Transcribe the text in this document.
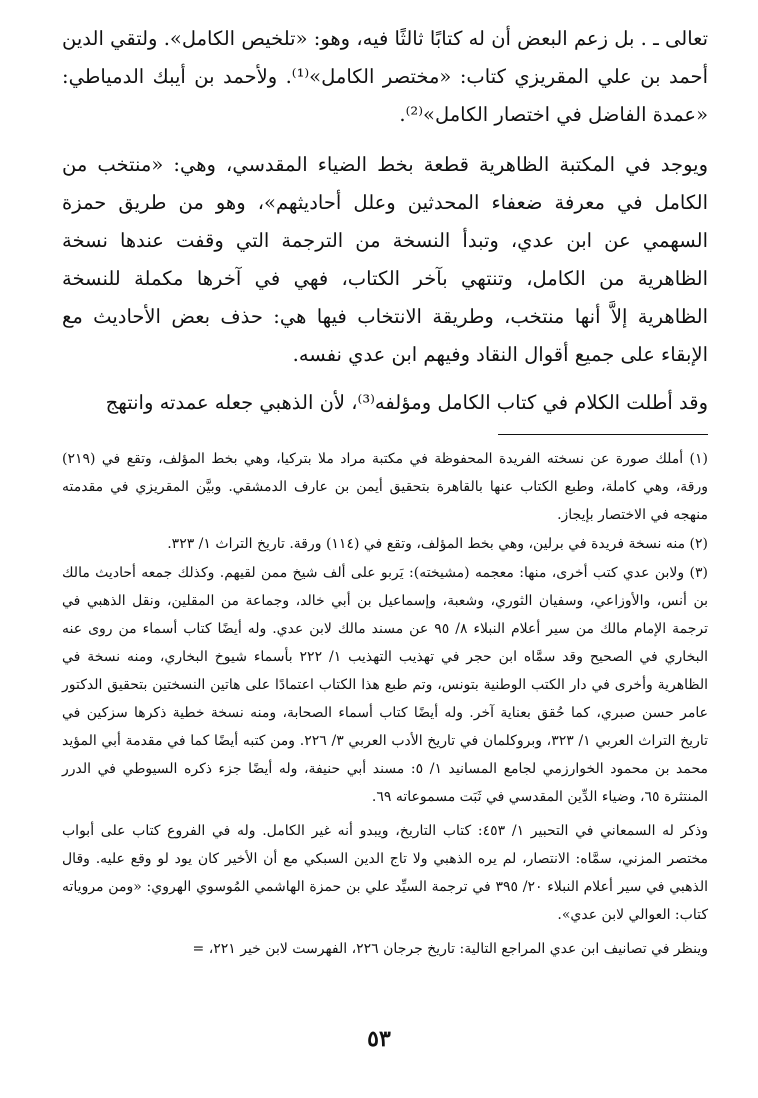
تعالى ـ . بل زعم البعض أن له كتابًا ثالثًا فيه، وهو: «تلخيص الكامل». ولتقي الدين أحمد بن علي المقريزي كتاب: «مختصر الكامل»⁽¹⁾. ولأحمد بن أيبك الدمياطي: «عمدة الفاضل في اختصار الكامل»⁽²⁾.

ويوجد في المكتبة الظاهرية قطعة بخط الضياء المقدسي، وهي: «منتخب من الكامل في معرفة ضعفاء المحدثين وعلل أحاديثهم»، وهو من طريق حمزة السهمي عن ابن عدي، وتبدأ النسخة من الترجمة التي وقفت عندها نسخة الظاهرية من الكامل، وتنتهي بآخر الكتاب، فهي في آخرها مكملة للنسخة الظاهرية إلاَّ أنها منتخب، وطريقة الانتخاب فيها هي: حذف بعض الأحاديث مع الإبقاء على جميع أقوال النقاد وفيهم ابن عدي نفسه.

وقد أطلت الكلام في كتاب الكامل ومؤلفه⁽³⁾، لأن الذهبي جعله عمدته وانتهج

(١) أملك صورة عن نسخته الفريدة المحفوظة في مكتبة مراد ملا بتركيا، وهي بخط المؤلف، وتقع في (٢١٩) ورقة، وهي كاملة، وطبع الكتاب عنها بالقاهرة بتحقيق أيمن بن عارف الدمشقي. وبيَّن المقريزي في مقدمته منهجه في الاختصار بإيجاز.

(٢) منه نسخة فريدة في برلين، وهي بخط المؤلف، وتقع في (١١٤) ورقة. تاريخ التراث ١/ ٣٢٣.

(٣) ولابن عدي كتب أخرى، منها: معجمه (مشيخته): يَربو على ألف شيخ ممن لقيهم. وكذلك جمعه أحاديث مالك بن أنس، والأوزاعي، وسفيان الثوري، وشعبة، وإسماعيل بن أبي خالد، وجماعة من المقلين، ونقل الذهبي في ترجمة الإمام مالك من سير أعلام النبلاء ٨/ ٩٥ عن مسند مالك لابن عدي. وله أيضًا كتاب أسماء من روى عنه البخاري في الصحيح وقد سمَّاه ابن حجر في تهذيب التهذيب ١/ ٢٢٢ بأسماء شيوخ البخاري، ومنه نسخة في الظاهرية وأخرى في دار الكتب الوطنية بتونس، وتم طبع هذا الكتاب اعتمادًا على هاتين النسختين بتحقيق الدكتور عامر حسن صبري، كما حُقق بعناية آخر. وله أيضًا كتاب أسماء الصحابة، ومنه نسخة خطية ذكرها سزكين في تاريخ التراث العربي ١/ ٣٢٣، وبروكلمان في تاريخ الأدب العربي ٣/ ٢٢٦. ومن كتبه أيضًا كما في مقدمة أبي المؤيد محمد بن محمود الخوارزمي لجامع المسانيد ١/ ٥: مسند أبي حنيفة، وله أيضًا جزء ذكره السيوطي في الدرر المنتثرة ٦٥، وضياء الدِّين المقدسي في ثَبَت مسموعاته ٦٩.

وذكر له السمعاني في التحبير ١/ ٤٥٣: كتاب التاريخ، ويبدو أنه غير الكامل. وله في الفروع كتاب على أبواب مختصر المزني، سمَّاه: الانتصار، لم يره الذهبي ولا تاج الدين السبكي مع أن الأخير كان يود لو وقع عليه. وقال الذهبي في سير أعلام النبلاء ٢٠/ ٣٩٥ في ترجمة السيِّد علي بن حمزة الهاشمي المُوسوي الهروي: «ومن مروياته كتاب: العوالي لابن عدي».

وينظر في تصانيف ابن عدي المراجع التالية: تاريخ جرجان ٢٢٦، الفهرست لابن خير ٢٢١، =

٥٣
